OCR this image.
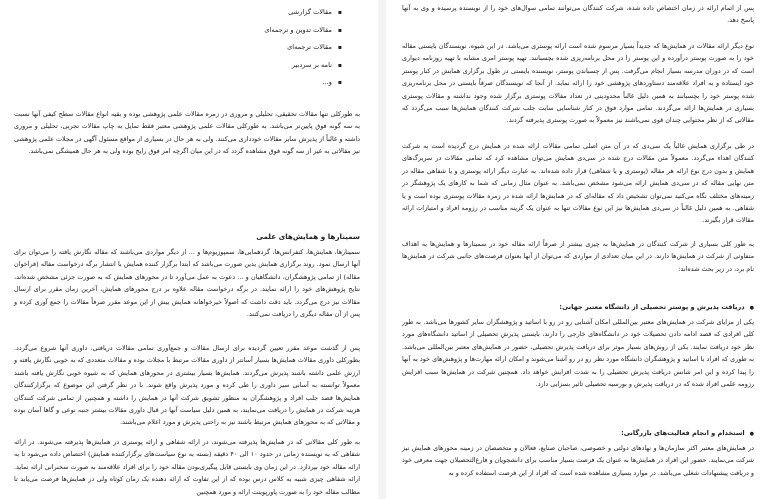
▪ مقالات گزارشی
▪ مقالات تدوین و ترجمه‌ای
▪ مقالات ترجمه‌ای
▪ نامه بر سردبیر
▪ و...

به طورکلی تنها مقالات تحقیقی، تحلیلی و مروری در زمره مقالات علمی پژوهشی بوده و بقیه انواع مقالات سطح کیفی آنها نسبت به سه گونه فوق پایین‌تر می‌باشد. به طورکلی مقالات علمی پژوهشی معتبر فقط تمایل به چاپ مقالات تجربی، تحلیلی و مروری داشته و غالباً از پذیرش سایر مقالات خودداری می‌کنند. ولی به هر حال در بسیاری از مواقع مسئول آگهی در مجلات علمی پژوهشی نیز مقالاتی به غیر از سه گونه فوق مشاهده گردد که در این میان اگرچه امر فوق رایج بوده ولی به هر حال همیشگی نمی‌باشد.

سمینارها و همایش‌های علمی

سمینارها، همایش‌ها، کنفرانس‌ها، گردهمایی‌ها، سمپوزیوم‌ها و ... از دیگر مواردی می‌باشند که مقاله نگارش یافته را می‌توان برای آنها ارسال نمود. روند برگزاری همایش بدین صورت می‌باشد که ابتدا برگزار کننده همایش با انتشار برگه درخواست مقاله (فراخوان مقاله) از تمامی پژوهشگران، دانشگاهیان و ... دعوت به عمل می‌آورد تا در محورهای همایش که به صورت جزئی مشخص شده‌اند، نتایج پژوهش‌های خود را ارائه نمایند. در برگه درخواست مقاله علاوه بر درج محورهای همایش، آخرین زمان مقرر برای ارسال مقالات نیز درج می‌گردد. باید دقت داشت که اصولاً خیرخواهانه همایش بیش از این موعد مقرر صرفاً مقالات را جمع آوری کرده و پس از آن مقاله دیگری را دریافت نمی‌کنند.

پس از گذشت موعد مقرر تعیین گردیده برای ارسال مقالات و جمع‌آوری تمامی مقالات دریافتی، داوری آنها شروع می‌گردد. بطورکلی داوری مقالات همایش‌ها بسیار آسانتر از داوری مقالات مرتبط با مجلات بوده و مقالات متعددی که به خوبی نگارش یافته و ارزش علمی داشته باشند پذیرش می‌گردند. همایش‌ها بسیار بیشتری در محورهای همایش که به شیوه خوبی نگارش یافته باشند معمولاً توانسته به آسانی سیر داوری را طی کرده و مورد پذیرش واقع شوند. با در نظر گرفتن این موضوع که برگزارکنندگان همایش‌ها قصد جلب افراد و پژوهشگران به منظور تشویق شرکت آنها در همایش را داشته و همچنین از تمامی شرکت کنندگان هزینه شرکت در همایش را دریافت می‌نمایند، به همین دلیل سیاست آنها در قبال داوری مقالات بیشتر جنبه نوعی و گاها آسان بوده و مقالاتی که به محورهای همایش مرتبط باشند نیز به راحتی پذیرش و مورد اعلام می‌باشند.

به طور کلی مقالاتی که در همایش‌ها پذیرفته می‌شوند، در ارائه شفاهی و ارائه پوستری در همایش‌ها پذیرفته می‌شوند. در ارائه شفاهی که به نویسنده زمانی در حدود ۱۰ الی ۴۰ دقیقه (بسته به نوع سیاست‌های برگزارکننده همایش) اختصاص داده می‌شود تا به ارائه مقاله خود بپردازد. در این زمان وی بایستی قابل پیگیری‌بودن مقاله خود را برای افراد علاقه‌مند به صورت سخنرانی ارائه نماید. ارائه شفاهی چیزی شبیه به کلاس درس بوده که از این تفاوت که ارائه دهنده یک زمان کوتاه ولی در همایش‌ها فرصت می‌یابد تا مطالب مقاله خود را به صورت پاورپوینت ارائه و مورد همچنین

پس از اتمام ارائه در زمان اختصاص داده شده، شرکت کنندگان می‌توانند تمامی سوال‌های خود را از نویسنده پرسیده و وی به آنها پاسخ دهد.

نوع دیگر ارائه مقالات در همایش‌ها که جدیداً بسیار مرسوم شده است ارائه پوستری می‌باشد. در این شیوه، نویسندگان بایستی مقاله خود را به صورت پوستر درآورده و این پوستر را در محل برنامه‌ریزی شده بچسبانند. تهیه پوستر امری مشابه با تهیه روزنامه دیواری است که در دوران مدرسه بسیار انجام می‌گرفت. پس از چسباندن پوستر، نویسنده بایستی در طول برگزاری همایش در کنار پوستر خود ایستاده و به افراد علاقه‌مند دستاوردهای پژوهشی خود را ارائه نماید. از آنجا که نویسندگان صرفاً بایستی در محل برنامه‌ریزی شده پوستر خود را بچسبانند به همین دلیل غالباً محدودیتی در تعداد مقالات پوستری برگزار شده وجود نداشته و مقالات پوستری بسیاری در همایش‌ها ارائه می‌گردند. تمامی موارد فوق در کنار شناسایی سایت جلب شرکت کنندگان همایش‌ها سبب می‌گردد که مقالاتی که از نظر محتوایی چندان قوی نمی‌باشند نیز معمولاً به صورت پوستری پذیرفته گردند.

در طی برگزاری همایش غالباً یک سی‌دی که در آن متن اصلی تمامی مقالات ارائه شده در همایش درج گردیده است به شرکت کنندگان اهداء می‌گردد. معمولاً متن مقالات درج شده در سی‌دی همایش می‌توان مشاهده کرد که تمامی مقالات در سربرگ‌های همایش و بدون درج نوع ارائه هر مقاله (پوستری و یا شفاهی) قرار داده شده‌اند. به عبارت دیگر ارائه پوستری و یا شفاهی مقاله در متن نهایی مقاله که در سی‌دی همایش ارائه می‌شود مشخص نمی‌باشد. به عنوان مثال زمانی که شما به کارهای یک پژوهشگر در زمینه‌های مختلف نگاه می‌کنید نمی‌توان تشخیص داد که مقاله‌ای که در همایش‌ها ارائه شده در زمره مقالات پوستری بوده است و یا شفاهی. به همین دلیل غالباً در سی‌دی همایش‌ها نیز این نوع مقالات تنها به عنوان یک گزینه مناسب در رزومه افراد و امتیازات ارائه مقالات قرار بگیرند.

به طور کلی بسیاری از شرکت کنندگان در همایش‌ها به چیزی بیشتر از صرفاً ارائه مقاله خود در سمینارها و همایش‌ها به اهداف متفاوتی از شرکت در همایش‌ها دارند. در این میان تعدادی از مواردی که می‌توان از آنها بعنوان فرصت‌های جانبی شرکت در همایش‌ها نام برد، در زیر بحث شده‌اند:

● دریافت پذیرش و پوستر تحصیلی از دانشگاه معتبر جهانی:

یکی از مزایای شرکت در همایش‌های معتبر بین‌المللی امکان آشنایی رو در رو با اساتید و پژوهشگران سایر کشورها می‌باشد. به طور کلی افرادی که قصد ادامه دادن تحصیلات خود در دانشگاه‌های خارجی را دارند، بایستی پذیرش تحصیلی از اساتید دانشگاه‌های مورد نظر خود دریافت نمایند. یکی از روش‌های بسیار موثر برای دریافت پذیرش تحصیلی، حضور در همایش‌های معتبر بین‌المللی می‌باشد. به طوری که افراد با اساتید و پژوهشگران دانشگاه مورد نظر رو در رو آشنا می‌شوند و امکان ارائه مهارت‌ها و پژوهش‌های خود به آنها را پیدا کرده و این امر شانس دریافت پذیرش تحصیلی را به شدت افزایش خواهد داد. همچنین شرکت در همایش‌ها سبب افزایش رزومه علمی افراد شده که در دریافت پذیرش و بورسیه تحصیلی تاثیر بسزایی دارد.

● استخدام و انجام فعالیت‌های بازرگانی:

در همایش‌های معتبر اکثر سازمان‌ها و نهادهای دولتی و خصوصی، صاحبان صنایع، فعالان و متخصصان در زمینه محورهای همایش نیز شرکت می‌نمایند. حضور این افراد در همایش‌ها به عنوان یک فرصت بسیار مناسب برای دانشجویان و فارغ‌التحصیلان جهت معرفی خود و دریافت پیشنهادات شغلی می‌باشد. در موارد بسیاری مشاهده شده است که افراد از این فرصت استفاده کرده و به
